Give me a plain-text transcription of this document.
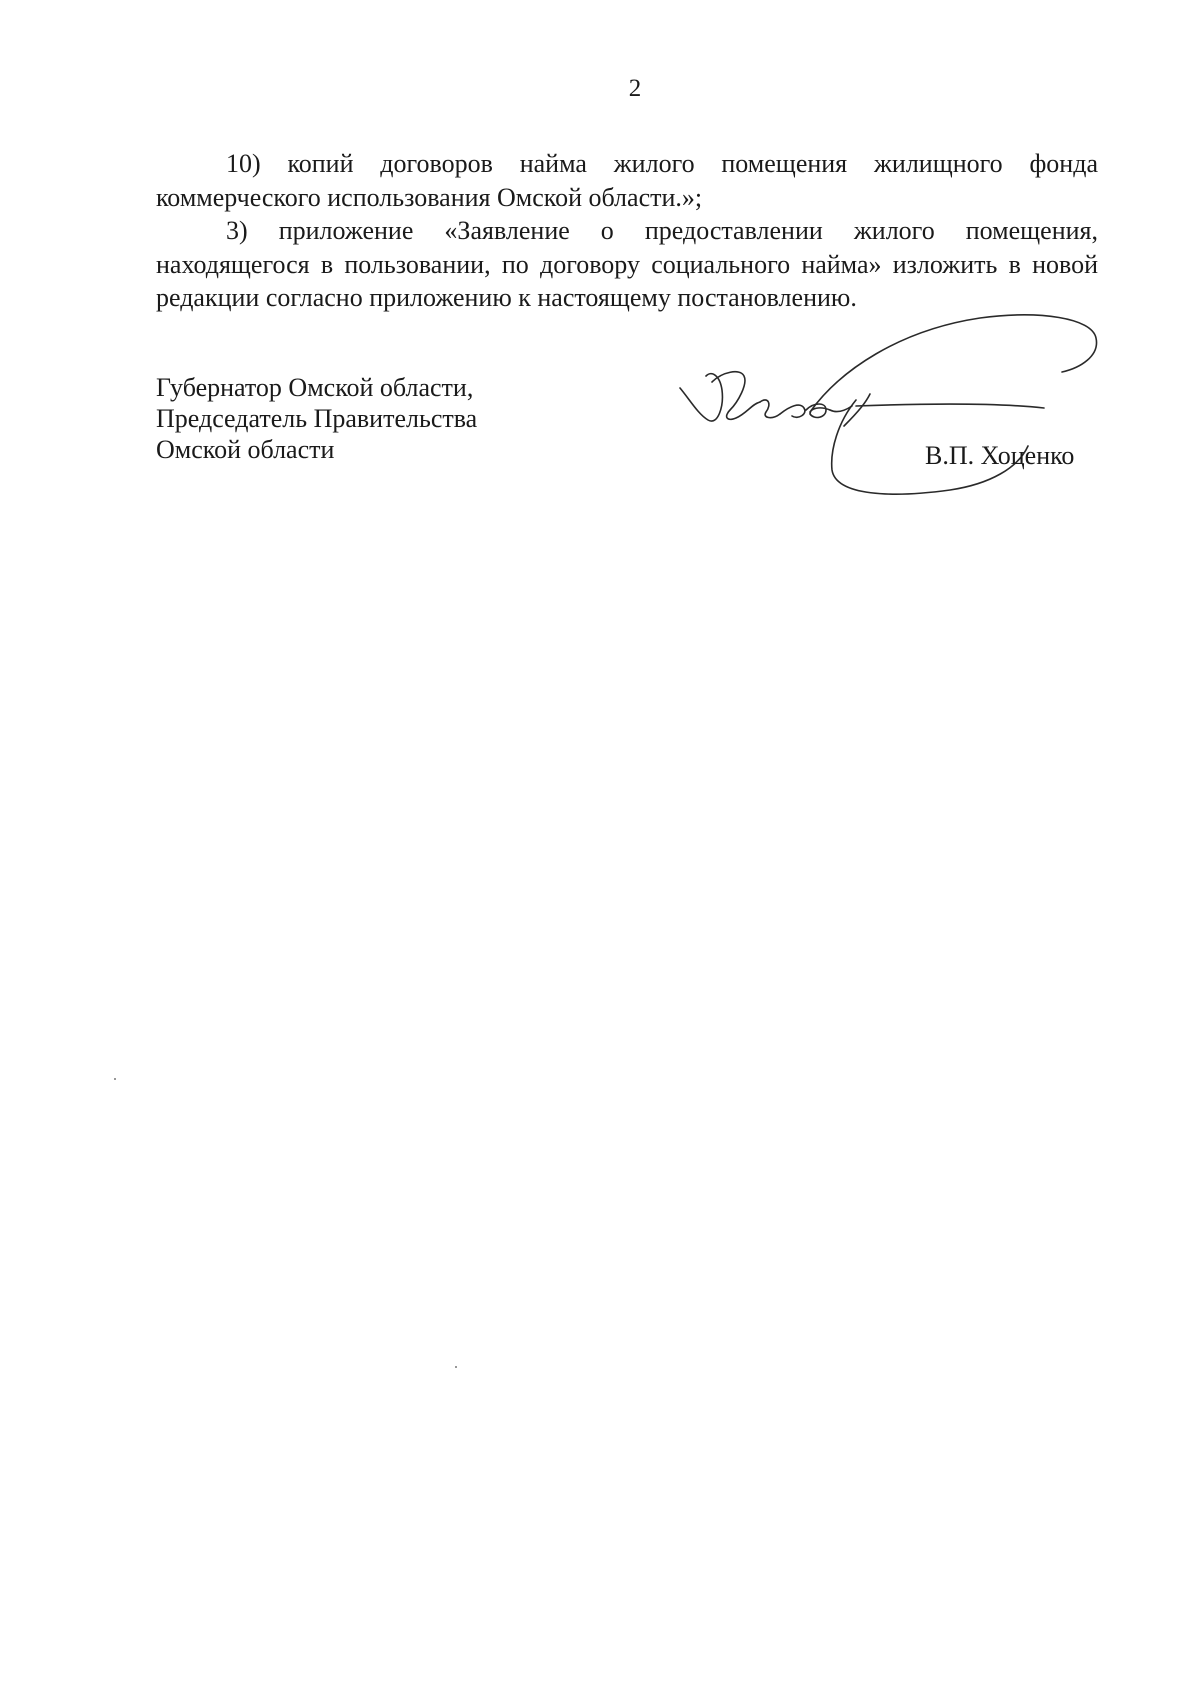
2

10) копий договоров найма жилого помещения жилищного фонда коммерческого использования Омской области.»;

3) приложение «Заявление о предоставлении жилого помещения, находящегося в пользовании, по договору социального найма» изложить в новой редакции согласно приложению к настоящему постановлению.

Губернатор Омской области,
Председатель Правительства
Омской области	В.П. Хоценко
